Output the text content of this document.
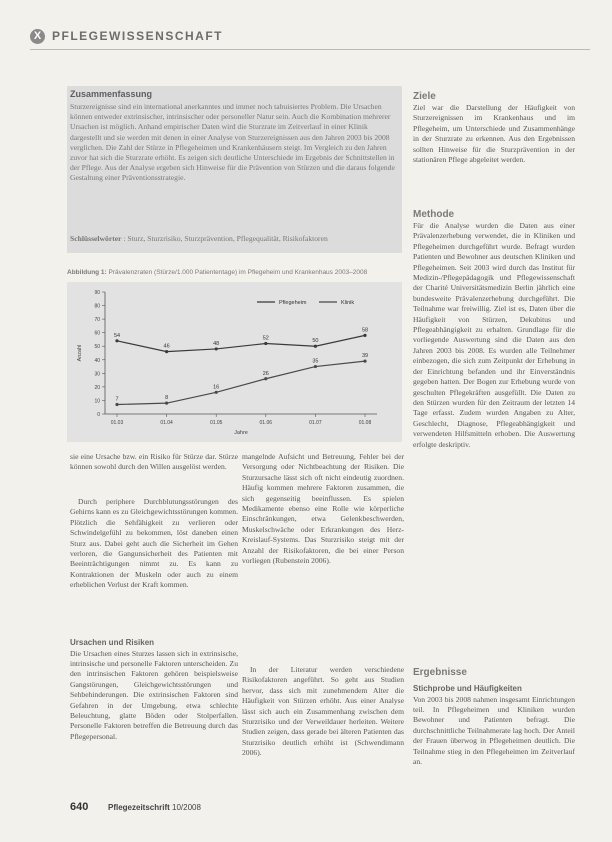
X PFLEGEWISSENSCHAFT
Zusammenfassung
Sturzereignisse sind ein international anerkanntes und immer noch tabuisiertes Problem. Die Ursachen können entweder extrinsischer, intrinsischer oder personeller Natur sein. Auch die Kombination mehrerer Ursachen ist möglich. Anhand empirischer Daten wird die Sturzrate im Zeitverlauf in einer Klinik dargestellt und sie werden mit denen in einer Analyse von Sturzereignissen aus den Jahren 2003 bis 2008 verglichen. Die Zahl der Stürze in Pflegeheimen und Krankenhäusern steigt. Im Vergleich zu den Jahren zuvor hat sich die Sturzrate erhöht. Es zeigen sich deutliche Unterschiede im Ergebnis der Schnittstellen in der Pflege. Aus der Analyse ergeben sich Hinweise für die Prävention von Stürzen und die daraus folgende Gestaltung einer Präventionsstrategie.
Schlüsselwörter : Sturz, Sturzrisiko, Sturzprävention, Pflegequalität, Risikofaktoren
Abbildung 1: Prävalenzraten (Stürze/1.000 Patiententage) im Pflegeheim und Krankenhaus 2003–2008
0
10
20
30
40
50
60
70
80
90
01.03	01.04	01.05	01.06	01.07	01.08
Jahre
Anzahl
54
46	48
52	50
58
Pflegeheim
7	8
16
26
35
39
Klinik
sie eine Ursache bzw. ein Risiko für Stürze dar. Stürze können sowohl durch den Willen ausgelöst werden.
Durch periphere Durchblutungsstörungen des Gehirns kann es zu Gleichgewichtsstörungen kommen. Plötzlich die Sehfähigkeit zu verlieren oder Schwindelgefühl zu bekommen, löst daneben einen Sturz aus. Dabei geht auch die Sicherheit im Gehen verloren, die Gangunsicherheit des Patienten mit Beeinträchtigungen nimmt zu. Es kann zu Kontraktionen der Muskeln oder auch zu einem erheblichen Verlust der Kraft kommen.
Ursachen und Risiken
Die Ursachen eines Sturzes lassen sich in extrinsische, intrinsische und personelle Faktoren unterscheiden. Zu den intrinsischen Faktoren gehören beispielsweise Gangstörungen, Gleichgewichtsstörungen und Sehbehinderungen. Die extrinsischen Faktoren sind Gefahren in der Umgebung, etwa schlechte Beleuchtung, glatte Böden oder Stolperfallen. Personelle Faktoren betreffen die Betreuung durch das Pflegepersonal.
mangelnde Aufsicht und Betreuung, Fehler bei der Versorgung oder Nichtbeachtung der Risiken. Die Sturzursache lässt sich oft nicht eindeutig zuordnen. Häufig kommen mehrere Faktoren zusammen, die sich gegenseitig beeinflussen. Es spielen Medikamente ebenso eine Rolle wie körperliche Einschränkungen, etwa Gelenkbeschwerden, Muskelschwäche oder Erkrankungen des Herz-Kreislauf-Systems. Das Sturzrisiko steigt mit der Anzahl der Risikofaktoren, die bei einer Person vorliegen (Rubenstein 2006).
In der Literatur werden verschiedene Risikofaktoren angeführt. So geht aus Studien hervor, dass sich mit zunehmendem Alter die Häufigkeit von Stürzen erhöht. Aus einer Analyse lässt sich auch ein Zusammenhang zwischen dem Sturzrisiko und der Verweildauer herleiten. Weitere Studien zeigen, dass gerade bei älteren Patienten das Sturzrisiko deutlich erhöht ist (Schwendimann 2006).
Ziele
Ziel war die Darstellung der Häufigkeit von Sturzereignissen im Krankenhaus und im Pflegeheim, um Unterschiede und Zusammenhänge in der Sturzrate zu erkennen. Aus den Ergebnissen sollten Hinweise für die Sturzprävention in der stationären Pflege abgeleitet werden.
Methode
Für die Analyse wurden die Daten aus einer Prävalenzerhebung verwendet, die in Kliniken und Pflegeheimen durchgeführt wurde. Befragt wurden Patienten und Bewohner aus deutschen Kliniken und Pflegeheimen. Seit 2003 wird durch das Institut für Medizin-/Pflegepädagogik und Pflegewissenschaft der Charité Universitätsmedizin Berlin jährlich eine bundesweite Prävalenzerhebung durchgeführt. Die Teilnahme war freiwillig. Ziel ist es, Daten über die Häufigkeit von Stürzen, Dekubitus und Pflegeabhängigkeit zu erhalten. Grundlage für die vorliegende Auswertung sind die Daten aus den Jahren 2003 bis 2008. Es wurden alle Teilnehmer einbezogen, die sich zum Zeitpunkt der Erhebung in der Einrichtung befanden und ihr Einverständnis gegeben hatten. Der Bogen zur Erhebung wurde von geschulten Pflegekräften ausgefüllt. Die Daten zu den Stürzen wurden für den Zeitraum der letzten 14 Tage erfasst. Zudem wurden Angaben zu Alter, Geschlecht, Diagnose, Pflegeabhängigkeit und verwendeten Hilfsmitteln erhoben. Die Auswertung erfolgte deskriptiv.
Ergebnisse
Stichprobe und Häufigkeiten
Von 2003 bis 2008 nahmen insgesamt Einrichtungen teil. In Pflegeheimen und Kliniken wurden Bewohner und Patienten befragt. Die durchschnittliche Teilnahmerate lag hoch. Der Anteil der Frauen überwog in Pflegeheimen deutlich. Die Teilnahme stieg in den Pflegeheimen im Zeitverlauf an.
640 Pflegezeitschrift 10/2008
